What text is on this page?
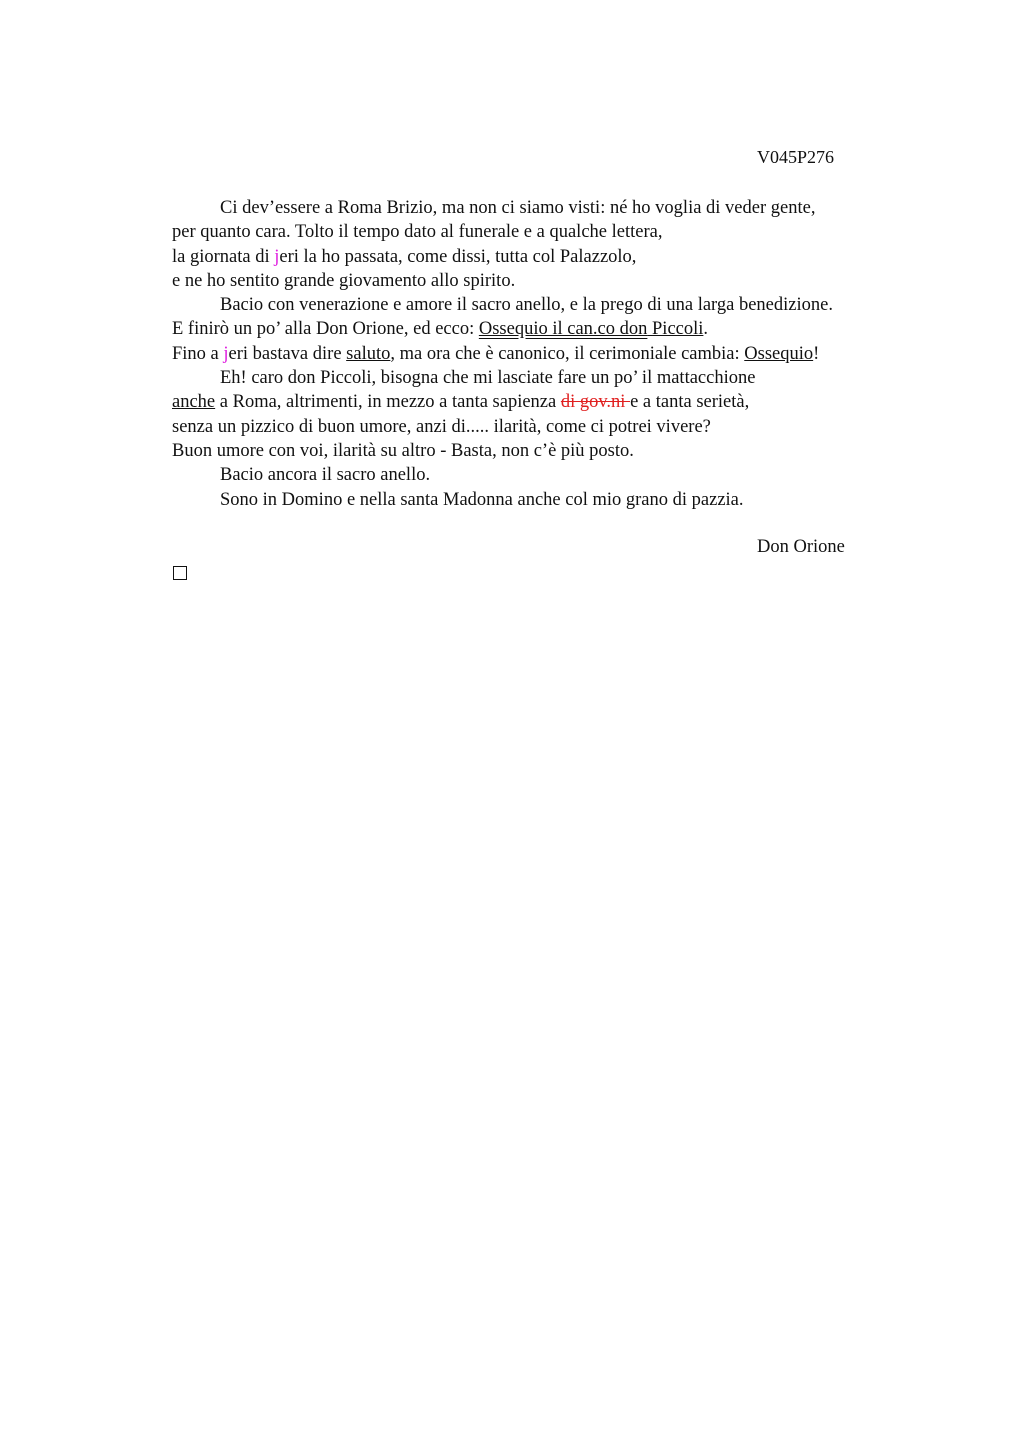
V045P276
Ci dev’essere a Roma Brizio, ma non ci siamo visti: né ho voglia di veder gente,
per quanto cara. Tolto il tempo dato al funerale e a qualche lettera,
la giornata di jeri la ho passata, come dissi, tutta col Palazzolo,
e ne ho sentito grande giovamento allo spirito.
Bacio con venerazione e amore il sacro anello, e la prego di una larga benedizione.
E finirò un po’ alla Don Orione, ed ecco: Ossequio il can.co don Piccoli.
Fino a jeri bastava dire saluto, ma ora che è canonico, il cerimoniale cambia: Ossequio!
Eh! caro don Piccoli, bisogna che mi lasciate fare un po’ il mattacchione
anche a Roma, altrimenti, in mezzo a tanta sapienza di gov.ni e a tanta serietà,
senza un pizzico di buon umore, anzi di..... ilarità, come ci potrei vivere?
Buon umore con voi, ilarità su altro - Basta, non c’è più posto.
Bacio ancora il sacro anello.
Sono in Domino e nella santa Madonna anche col mio grano di pazzia.
Don Orione
